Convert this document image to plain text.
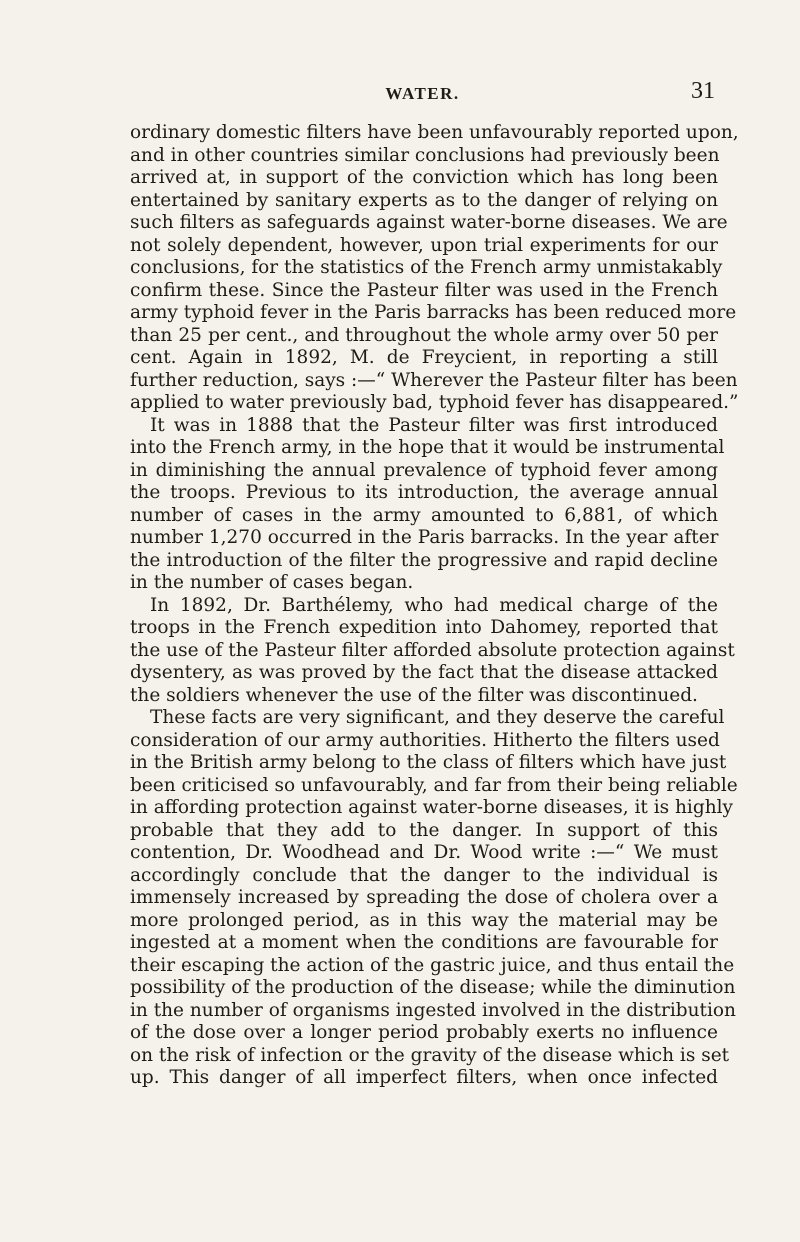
WATER.	31
ordinary domestic filters have been unfavourably reported upon,
and in other countries similar conclusions had previously been
arrived at, in support of the conviction which has long been
entertained by sanitary experts as to the danger of relying on
such filters as safeguards against water-borne diseases. We are
not solely dependent, however, upon trial experiments for our
conclusions, for the statistics of the French army unmistakably
confirm these. Since the Pasteur filter was used in the French
army typhoid fever in the Paris barracks has been reduced more
than 25 per cent., and throughout the whole army over 50 per
cent. Again in 1892, M. de Freycient, in reporting a still
further reduction, says :—“ Wherever the Pasteur filter has been
applied to water previously bad, typhoid fever has disappeared.”
It was in 1888 that the Pasteur filter was first introduced
into the French army, in the hope that it would be instrumental
in diminishing the annual prevalence of typhoid fever among
the troops. Previous to its introduction, the average annual
number of cases in the army amounted to 6,881, of which
number 1,270 occurred in the Paris barracks. In the year after
the introduction of the filter the progressive and rapid decline
in the number of cases began.
In 1892, Dr. Barthélemy, who had medical charge of the
troops in the French expedition into Dahomey, reported that
the use of the Pasteur filter afforded absolute protection against
dysentery, as was proved by the fact that the disease attacked
the soldiers whenever the use of the filter was discontinued.
These facts are very significant, and they deserve the careful
consideration of our army authorities. Hitherto the filters used
in the British army belong to the class of filters which have just
been criticised so unfavourably, and far from their being reliable
in affording protection against water-borne diseases, it is highly
probable that they add to the danger. In support of this
contention, Dr. Woodhead and Dr. Wood write :—“ We must
accordingly conclude that the danger to the individual is
immensely increased by spreading the dose of cholera over a
more prolonged period, as in this way the material may be
ingested at a moment when the conditions are favourable for
their escaping the action of the gastric juice, and thus entail the
possibility of the production of the disease; while the diminution
in the number of organisms ingested involved in the distribution
of the dose over a longer period probably exerts no influence
on the risk of infection or the gravity of the disease which is set
up. This danger of all imperfect filters, when once infected
